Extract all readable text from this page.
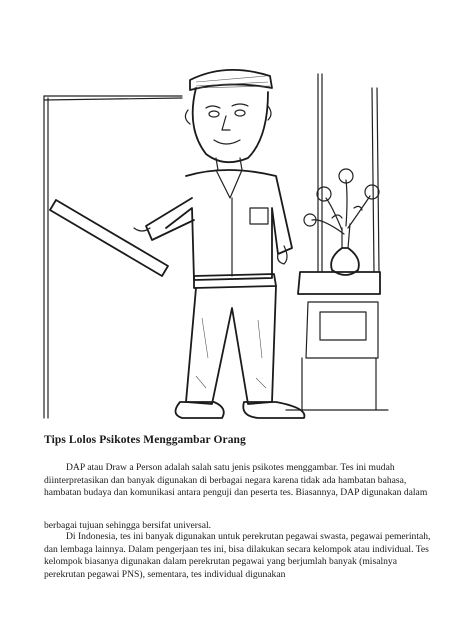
Tips Lolos Psikotes Menggambar Orang
DAP atau Draw a Person adalah salah satu jenis psikotes menggambar. Tes ini mudah diinterpretasikan dan banyak digunakan di berbagai negara karena tidak ada hambatan bahasa, hambatan budaya dan komunikasi antara penguji dan peserta tes. Biasannya, DAP digunakan dalam
berbagai tujuan sehingga bersifat universal.
Di Indonesia, tes ini banyak digunakan untuk perekrutan pegawai swasta, pegawai pemerintah, dan lembaga lainnya. Dalam pengerjaan tes ini, bisa dilakukan secara kelompok atau individual. Tes kelompok biasanya digunakan dalam perekrutan pegawai yang berjumlah banyak (misalnya perekrutan pegawai PNS), sementara, tes individual digunakan
